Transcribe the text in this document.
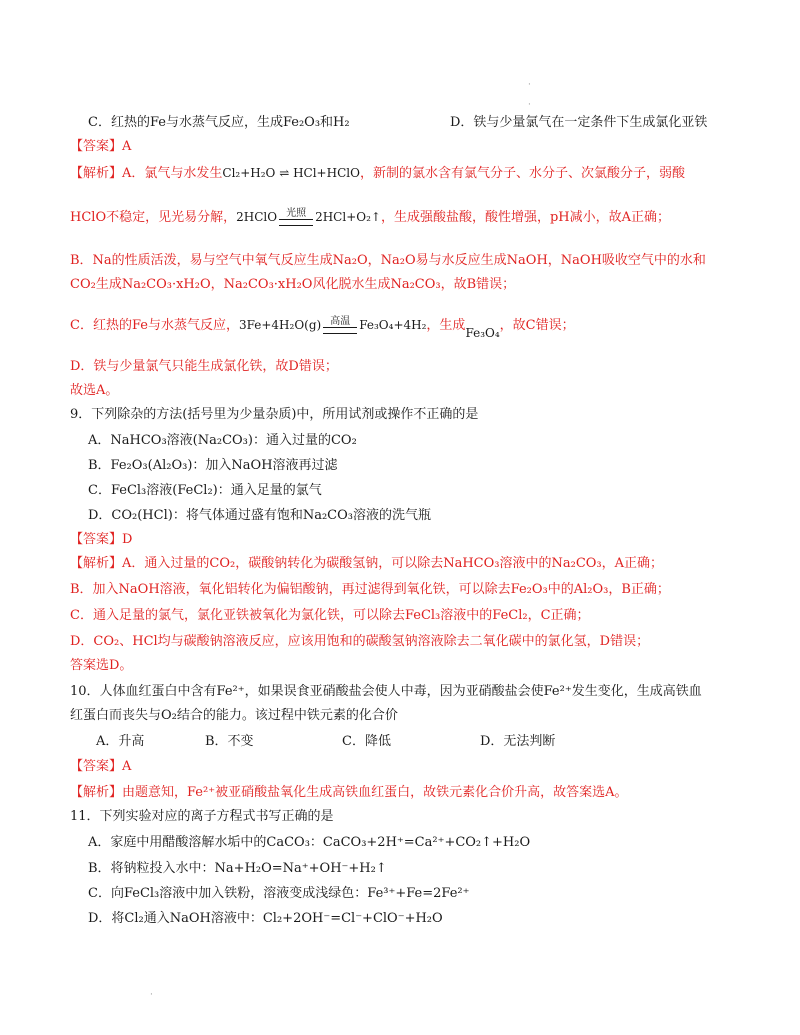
·
·
C．红热的Fe与水蒸气反应，生成Fe₂O₃和H₂	D．铁与少量氯气在一定条件下生成氯化亚铁
【答案】A
【解析】A．氯气与水发生Cl₂+H₂O ⇌ HCl+HClO，新制的氯水含有氯气分子、水分子、次氯酸分子，弱酸
HClO不稳定，见光易分解，2HClO 光照 2HCl+O₂↑，生成强酸盐酸，酸性增强，pH减小，故A正确；
B．Na的性质活泼，易与空气中氧气反应生成Na₂O，Na₂O易与水反应生成NaOH，NaOH吸收空气中的水和
CO₂生成Na₂CO₃·xH₂O，Na₂CO₃·xH₂O风化脱水生成Na₂CO₃，故B错误；
C．红热的Fe与水蒸气反应，3Fe+4H₂O(g) 高温 Fe₃O₄+4H₂，生成Fe₃O₄，故C错误；
D．铁与少量氯气只能生成氯化铁，故D错误；
故选A。
9．下列除杂的方法(括号里为少量杂质)中，所用试剂或操作不正确的是
A．NaHCO₃溶液(Na₂CO₃)：通入过量的CO₂
B．Fe₂O₃(Al₂O₃)：加入NaOH溶液再过滤
C．FeCl₃溶液(FeCl₂)：通入足量的氯气
D．CO₂(HCl)：将气体通过盛有饱和Na₂CO₃溶液的洗气瓶
【答案】D
【解析】A．通入过量的CO₂，碳酸钠转化为碳酸氢钠，可以除去NaHCO₃溶液中的Na₂CO₃，A正确；
B．加入NaOH溶液，氧化铝转化为偏铝酸钠，再过滤得到氧化铁，可以除去Fe₂O₃中的Al₂O₃，B正确；
C．通入足量的氯气，氯化亚铁被氧化为氯化铁，可以除去FeCl₃溶液中的FeCl₂，C正确；
D．CO₂、HCl均与碳酸钠溶液反应，应该用饱和的碳酸氢钠溶液除去二氧化碳中的氯化氢，D错误；
答案选D。
10．人体血红蛋白中含有Fe²⁺，如果误食亚硝酸盐会使人中毒，因为亚硝酸盐会使Fe²⁺发生变化，生成高铁血
红蛋白而丧失与O₂结合的能力。该过程中铁元素的化合价
A．升高	B．不变	C．降低	D．无法判断
【答案】A
【解析】由题意知，Fe²⁺被亚硝酸盐氧化生成高铁血红蛋白，故铁元素化合价升高，故答案选A。
11．下列实验对应的离子方程式书写正确的是
A．家庭中用醋酸溶解水垢中的CaCO₃：CaCO₃+2H⁺=Ca²⁺+CO₂↑+H₂O
B．将钠粒投入水中：Na+H₂O=Na⁺+OH⁻+H₂↑
C．向FeCl₃溶液中加入铁粉，溶液变成浅绿色：Fe³⁺+Fe=2Fe²⁺
D．将Cl₂通入NaOH溶液中：Cl₂+2OH⁻=Cl⁻+ClO⁻+H₂O
·
